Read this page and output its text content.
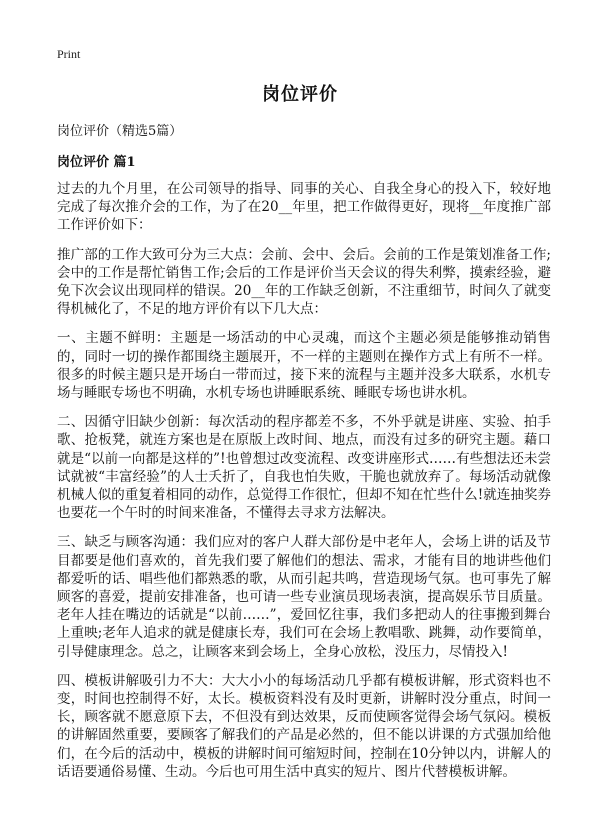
Print
岗位评价
岗位评价（精选5篇）
岗位评价 篇1

过去的九个月里，在公司领导的指导、同事的关心、自我全身心的投入下，较好地完成了每次推介会的工作，为了在20__年里，把工作做得更好，现将__年度推广部工作评价如下：

推广部的工作大致可分为三大点：会前、会中、会后。会前的工作是策划准备工作;会中的工作是帮忙销售工作;会后的工作是评价当天会议的得失利弊，摸索经验，避免下次会议出现同样的错误。20__年的工作缺乏创新，不注重细节，时间久了就变得机械化了，不足的地方评价有以下几大点：

一、主题不鲜明：主题是一场活动的中心灵魂，而这个主题必须是能够推动销售的，同时一切的操作都围绕主题展开，不一样的主题则在操作方式上有所不一样。很多的时候主题只是开场白一带而过，接下来的流程与主题并没多大联系，水机专场与睡眠专场也不明确，水机专场也讲睡眠系统、睡眠专场也讲水机。

二、因循守旧缺少创新：每次活动的程序都差不多，不外乎就是讲座、实验、拍手歌、抢板凳，就连方案也是在原版上改时间、地点，而没有过多的研究主题。藉口就是“以前一向都是这样的”!也曾想过改变流程、改变讲座形式……有些想法还未尝试就被“丰富经验”的人士夭折了，自我也怕失败，干脆也就放弃了。每场活动就像机械人似的重复着相同的动作，总觉得工作很忙，但却不知在忙些什么!就连抽奖券也要花一个午时的时间来准备，不懂得去寻求方法解决。

三、缺乏与顾客沟通：我们应对的客户人群大部份是中老年人，会场上讲的话及节目都要是他们喜欢的，首先我们要了解他们的想法、需求，才能有目的地讲些他们都爱听的话、唱些他们都熟悉的歌，从而引起共鸣，营造现场气氛。也可事先了解顾客的喜爱，提前安排准备，也可请一些专业演员现场表演，提高娱乐节目质量。老年人挂在嘴边的话就是“以前……”，爱回忆往事，我们多把动人的往事搬到舞台上重映;老年人追求的就是健康长寿，我们可在会场上教唱歌、跳舞，动作要简单，引导健康理念。总之，让顾客来到会场上，全身心放松，没压力，尽情投入!

四、模板讲解吸引力不大：大大小小的每场活动几乎都有模板讲解，形式资料也不变，时间也控制得不好，太长。模板资料没有及时更新，讲解时没分重点，时间一长，顾客就不愿意原下去，不但没有到达效果，反而使顾客觉得会场气氛闷。模板的讲解固然重要，要顾客了解我们的产品是必然的，但不能以讲课的方式强加给他们，在今后的活动中，模板的讲解时间可缩短时间，控制在10分钟以内，讲解人的话语要通俗易懂、生动。今后也可用生活中真实的短片、图片代替模板讲解。
